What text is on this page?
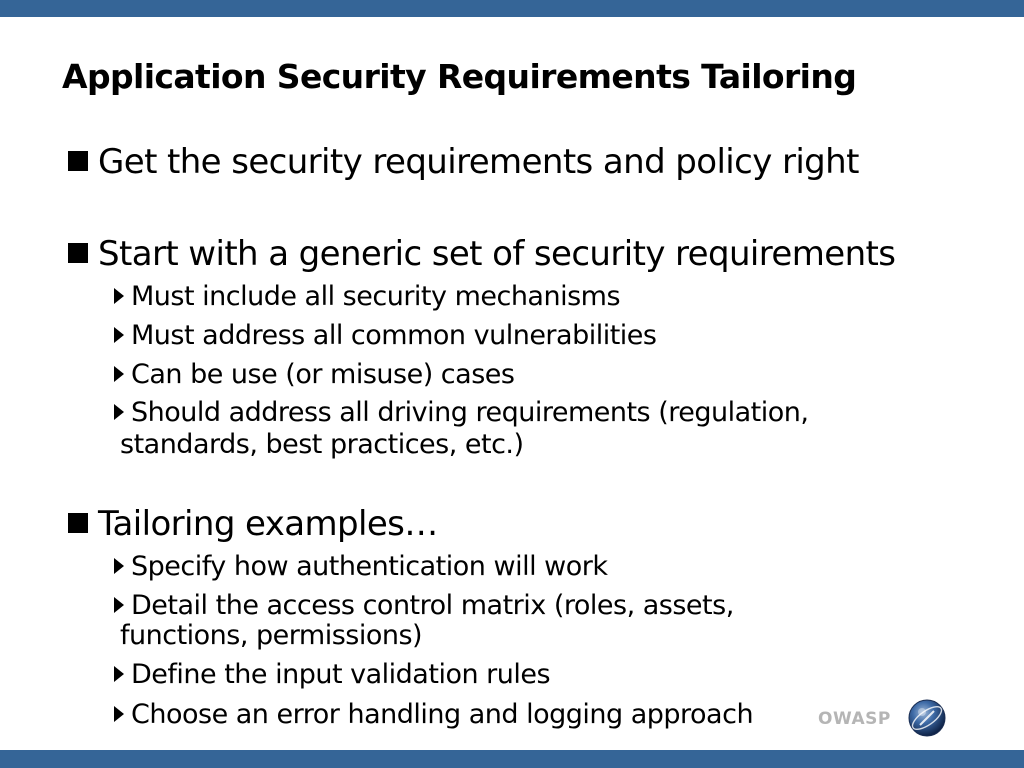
Application Security Requirements Tailoring
Get the security requirements and policy right
Start with a generic set of security requirements
Must include all security mechanisms
Must address all common vulnerabilities
Can be use (or misuse) cases
Should address all driving requirements (regulation,
standards, best practices, etc.)
Tailoring examples…
Specify how authentication will work
Detail the access control matrix (roles, assets,
functions, permissions)
Define the input validation rules
Choose an error handling and logging approach	OWASP
